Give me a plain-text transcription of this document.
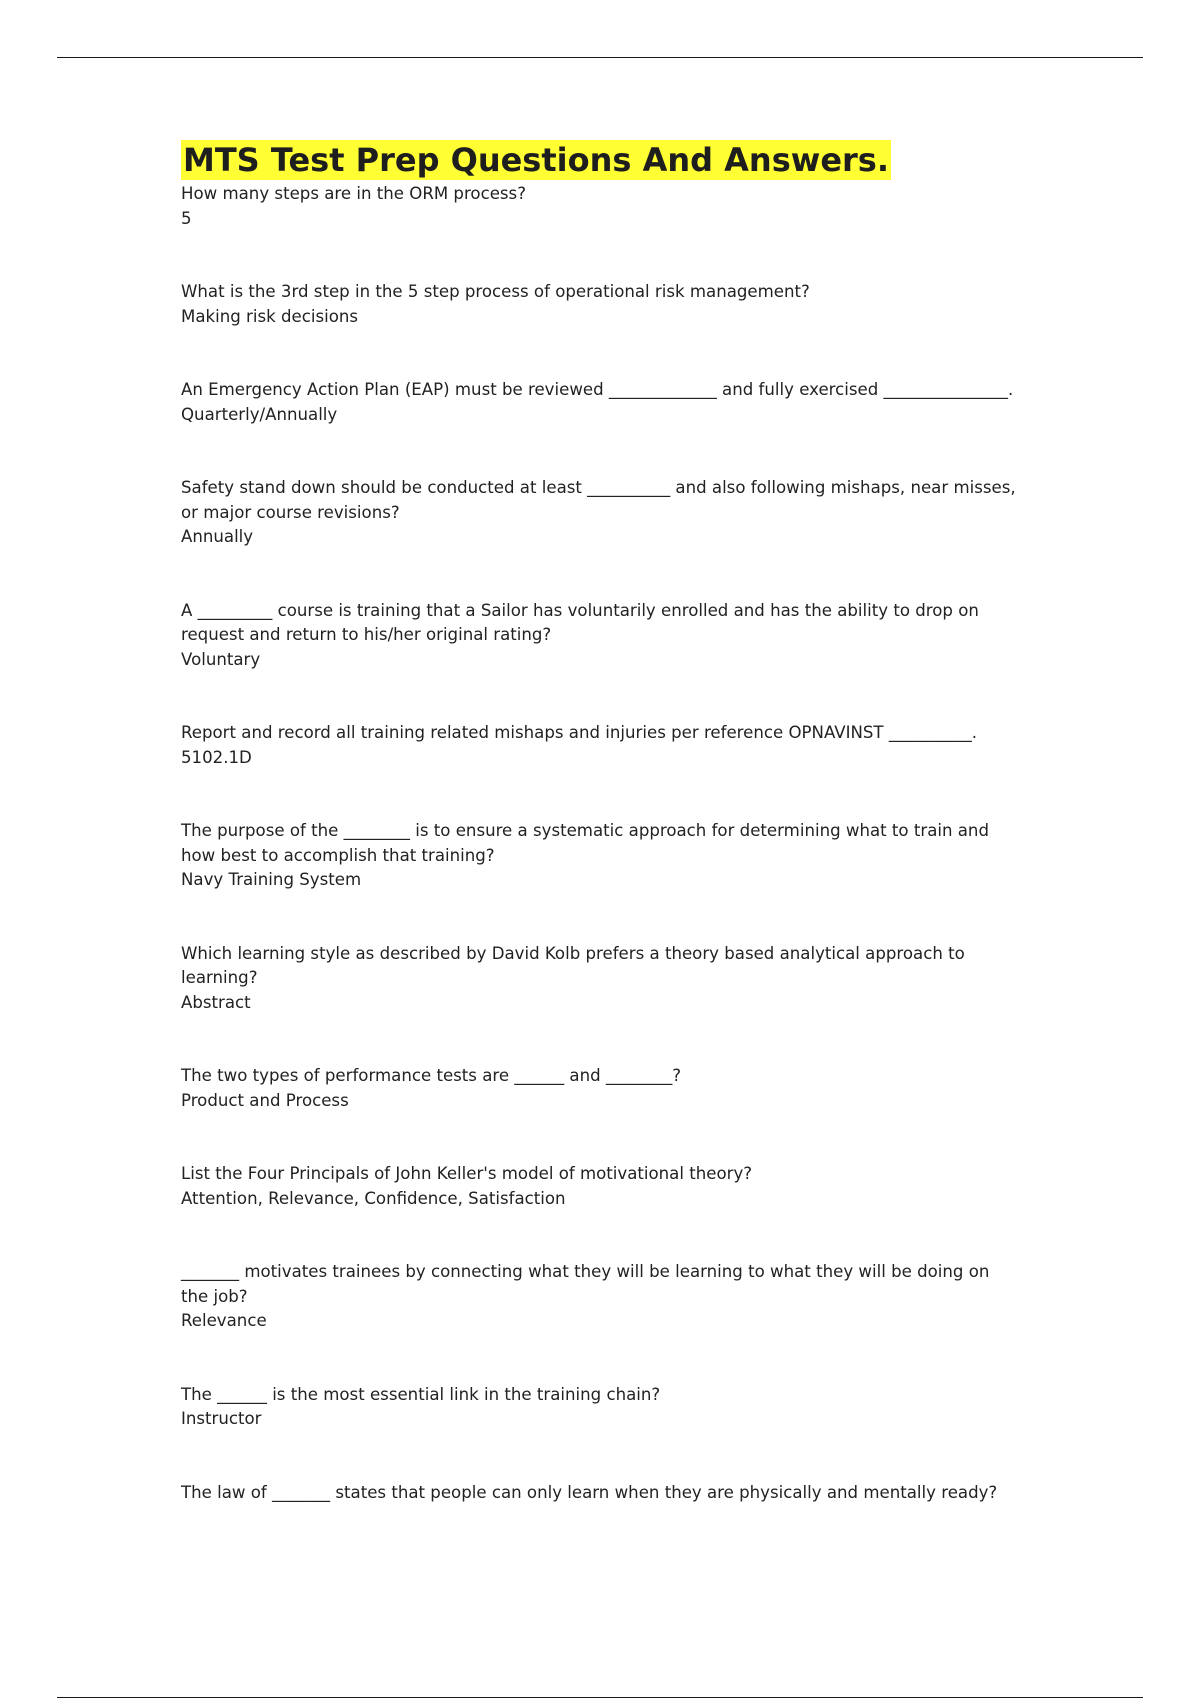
MTS Test Prep Questions And Answers.
How many steps are in the ORM process?
5
What is the 3rd step in the 5 step process of operational risk management?
Making risk decisions
An Emergency Action Plan (EAP) must be reviewed _____________ and fully exercised _______________.
Quarterly/Annually
Safety stand down should be conducted at least __________ and also following mishaps, near misses, or major course revisions?
Annually
A _________ course is training that a Sailor has voluntarily enrolled and has the ability to drop on request and return to his/her original rating?
Voluntary
Report and record all training related mishaps and injuries per reference OPNAVINST __________.
5102.1D
The purpose of the ________ is to ensure a systematic approach for determining what to train and how best to accomplish that training?
Navy Training System
Which learning style as described by David Kolb prefers a theory based analytical approach to learning?
Abstract
The two types of performance tests are ______ and ________?
Product and Process
List the Four Principals of John Keller's model of motivational theory?
Attention, Relevance, Confidence, Satisfaction
_______ motivates trainees by connecting what they will be learning to what they will be doing on the job?
Relevance
The ______ is the most essential link in the training chain?
Instructor
The law of _______ states that people can only learn when they are physically and mentally ready?
